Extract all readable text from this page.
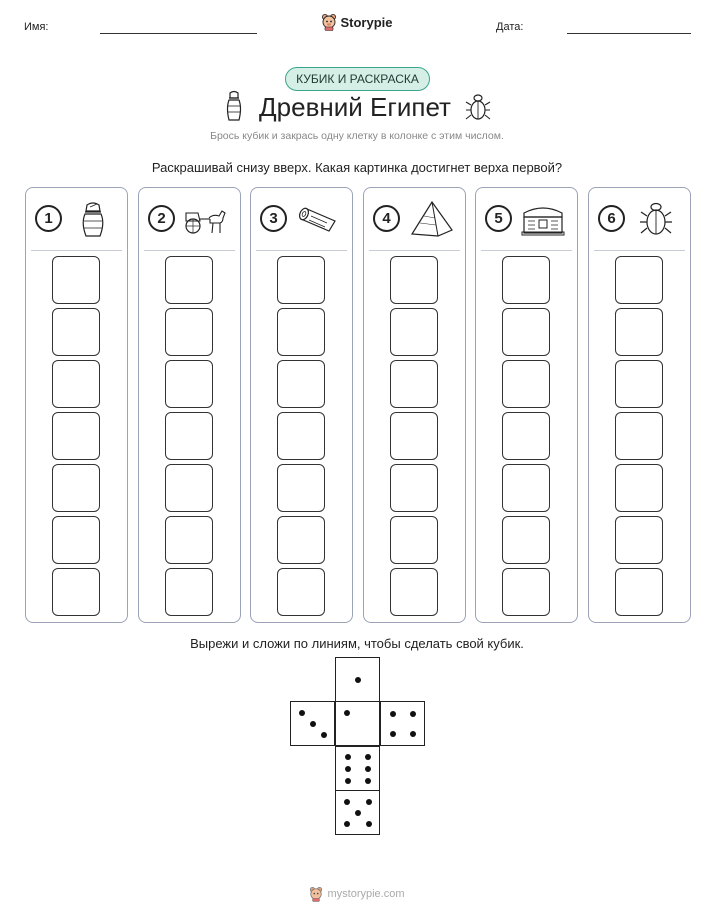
Имя:	Storypie	Дата:
КУБИК И РАСКРАСКА
Древний Египет
Брось кубик и закрась одну клетку в колонке с этим числом.
Раскрашивай снизу вверх. Какая картинка достигнет верха первой?
1	2	3	4	5	6
Вырежи и сложи по линиям, чтобы сделать свой кубик.
mystorypie.com
